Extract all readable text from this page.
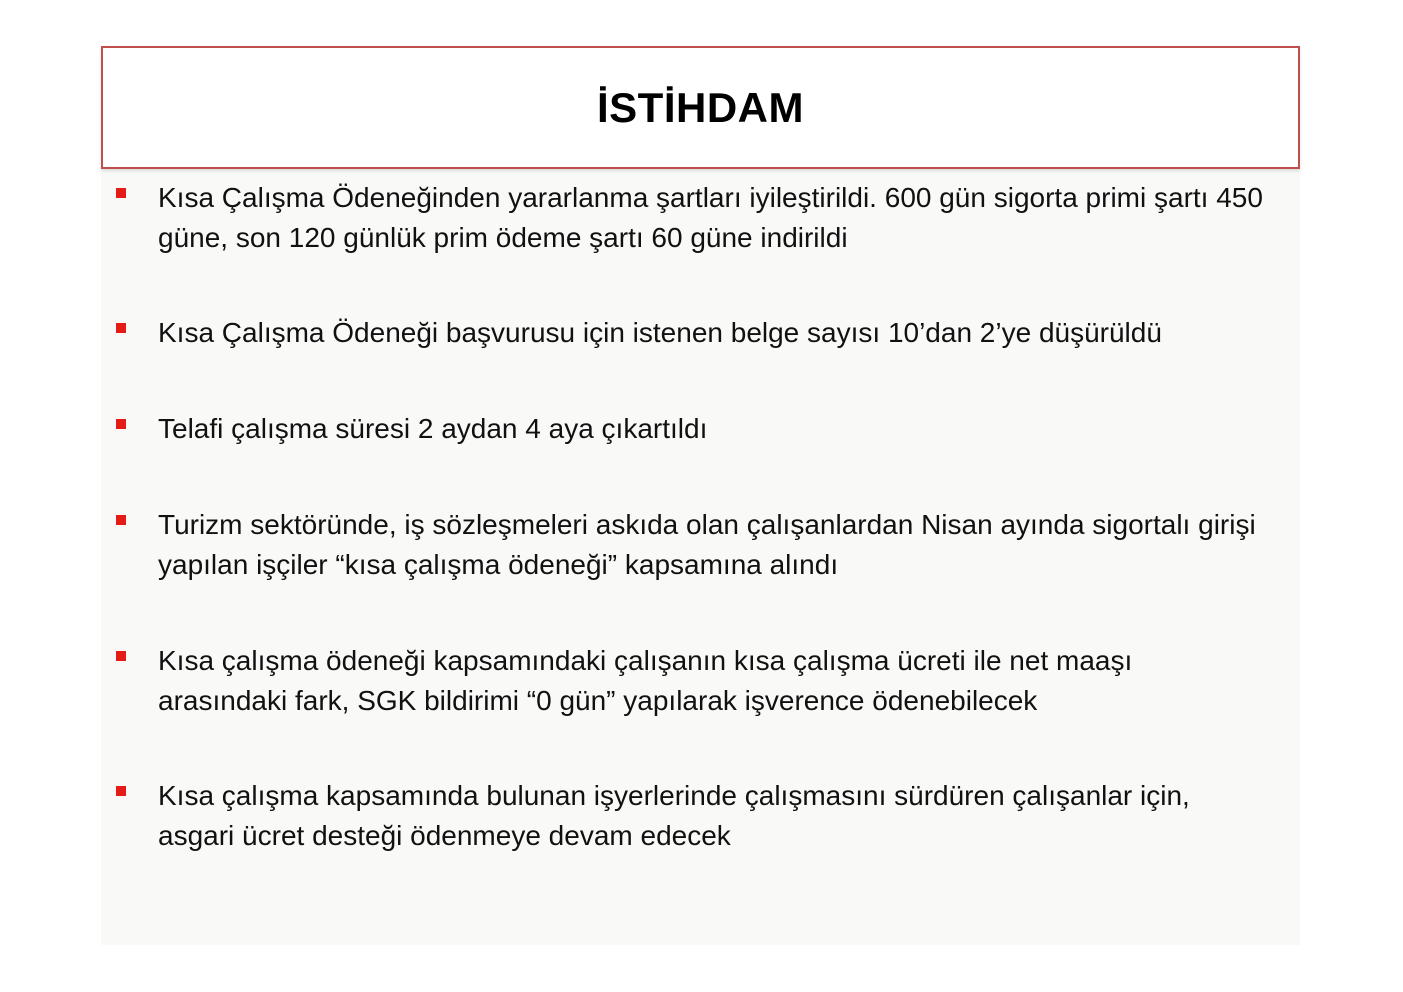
İSTİHDAM
Kısa Çalışma Ödeneğinden yararlanma şartları iyileştirildi. 600 gün sigorta primi şartı 450 güne, son 120 günlük prim ödeme şartı 60 güne indirildi
Kısa Çalışma Ödeneği başvurusu için istenen belge sayısı 10’dan 2’ye düşürüldü
Telafi çalışma süresi 2 aydan 4 aya çıkartıldı
Turizm sektöründe, iş sözleşmeleri askıda olan çalışanlardan Nisan ayında sigortalı girişi yapılan işçiler “kısa çalışma ödeneği” kapsamına alındı
Kısa çalışma ödeneği kapsamındaki çalışanın kısa çalışma ücreti ile net maaşı arasındaki fark, SGK bildirimi “0 gün” yapılarak işverence ödenebilecek
Kısa çalışma kapsamında bulunan işyerlerinde çalışmasını sürdüren çalışanlar için, asgari ücret desteği ödenmeye devam edecek
